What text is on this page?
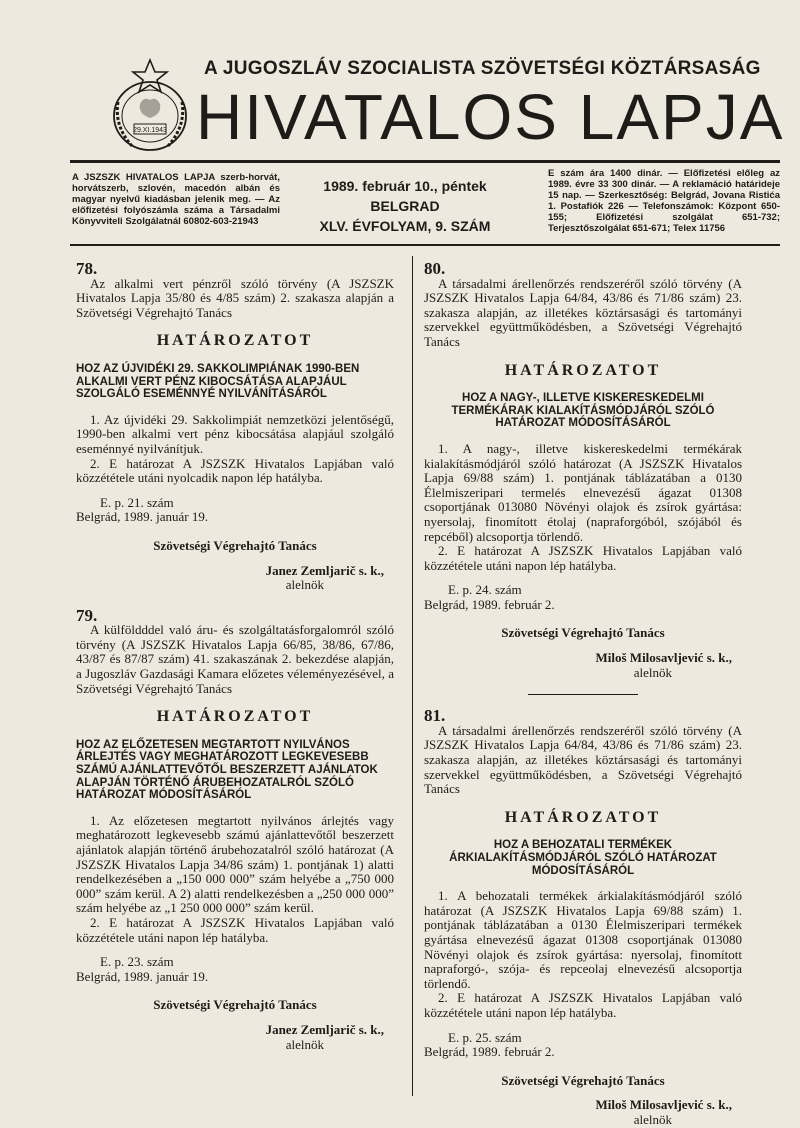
29.XI.1943
A JUGOSZLÁV SZOCIALISTA SZÖVETSÉGI KÖZTÁRSASÁG
HIVATALOS LAPJA
A JSZSZK HIVATALOS LAPJA szerb-horvát, horvátszerb, szlovén, macedón albán és magyar nyelvű kiadásban jelenik meg. — Az előfizetési folyószámla száma a Társadalmi Könyvviteli Szolgálatnál 60802-603-21943
1989. február 10., péntek
BELGRAD
XLV. ÉVFOLYAM, 9. SZÁM
E szám ára 1400 dinár. — Előfizetési előleg az 1989. évre 33 300 dinár. — A reklamáció határideje 15 nap. — Szerkesztőség: Belgrád, Jovana Ristića 1. Postafiók 226 — Telefonszámok: Központ 650-155; Előfizetési szolgálat 651-732; Terjesztőszolgálat 651-671; Telex 11756

78.

Az alkalmi vert pénzről szóló törvény (A JSZSZK Hivatalos Lapja 35/80 és 4/85 szám) 2. szakasza alapján a Szövetségi Végrehajtó Tanács

HATÁROZATOT

HOZ AZ ÚJVIDÉKI 29. SAKKOLIMPIÁNAK 1990-BEN ALKALMI VERT PÉNZ KIBOCSÁTÁSA ALAPJÁUL SZOLGÁLÓ ESEMÉNNYÉ NYILVÁNÍTÁSÁRÓL

1. Az újvidéki 29. Sakkolimpiát nemzetközi jelentőségű, 1990-ben alkalmi vert pénz kibocsátása alapjául szolgáló eseménnyé nyilvánítjuk.

2. E határozat A JSZSZK Hivatalos Lapjában való közzététele utáni nyolcadik napon lép hatályba.

E. p. 21. szám

Belgrád, 1989. január 19.

Szövetségi Végrehajtó Tanács

Janez Zemljarič s. k.,

alelnök

79.

A külföldddel való áru- és szolgáltatásforgalomról szóló törvény (A JSZSZK Hivatalos Lapja 66/85, 38/86, 67/86, 43/87 és 87/87 szám) 41. szakaszának 2. bekezdése alapján, a Jugoszláv Gazdasági Kamara előzetes véleményezésével, a Szövetségi Végrehajtó Tanács

HATÁROZATOT

HOZ AZ ELŐZETESEN MEGTARTOTT NYILVÁNOS ÁRLEJTÉS VAGY MEGHATÁROZOTT LEGKEVESEBB SZÁMÚ AJÁNLATTEVŐTŐL BESZERZETT AJÁNLATOK ALAPJÁN TÖRTÉNŐ ÁRUBEHOZATALRÓL SZÓLÓ HATÁROZAT MÓDOSÍTÁSÁRÓL

1. Az előzetesen megtartott nyilvános árlejtés vagy meghatározott legkevesebb számú ajánlattevőtől beszerzett ajánlatok alapján történő árubehozatalról szóló határozat (A JSZSZK Hivatalos Lapja 34/86 szám) 1. pontjának 1) alatti rendelkezésében a „150 000 000” szám helyébe a „750 000 000” szám kerül. A 2) alatti rendelkezésben a „250 000 000” szám helyébe az „1 250 000 000” szám kerül.

2. E határozat A JSZSZK Hivatalos Lapjában való közzététele utáni napon lép hatályba.

E. p. 23. szám

Belgrád, 1989. január 19.

Szövetségi Végrehajtó Tanács

Janez Zemljarič s. k.,

alelnök

80.

A társadalmi árellenőrzés rendszeréről szóló törvény (A JSZSZK Hivatalos Lapja 64/84, 43/86 és 71/86 szám) 23. szakasza alapján, az illetékes köztársasági és tartományi szervekkel együttműködésben, a Szövetségi Végrehajtó Tanács

HATÁROZATOT

HOZ A NAGY-, ILLETVE KISKERESKEDELMI TERMÉKÁRAK KIALAKÍTÁSMÓDJÁRÓL SZÓLÓ HATÁROZAT MÓDOSÍTÁSÁRÓL

1. A nagy-, illetve kiskereskedelmi termékárak kialakításmódjáról szóló határozat (A JSZSZK Hivatalos Lapja 69/88 szám) 1. pontjának táblázatában a 0130 Élelmiszeripari termelés elnevezésű ágazat 01308 csoportjának 013080 Növényi olajok és zsírok gyártása: nyersolaj, finomított étolaj (napraforgóból, szójából és repcéből) alcsoportja törlendő.

2. E határozat A JSZSZK Hivatalos Lapjában való közzététele utáni napon lép hatályba.

E. p. 24. szám

Belgrád, 1989. február 2.

Szövetségi Végrehajtó Tanács

Miloš Milosavljević s. k.,

alelnök

81.

A társadalmi árellenőrzés rendszeréről szóló törvény (A JSZSZK Hivatalos Lapja 64/84, 43/86 és 71/86 szám) 23. szakasza alapján, az illetékes köztársasági és tartományi szervekkel együttműködésben, a Szövetségi Végrehajtó Tanács

HATÁROZATOT

HOZ A BEHOZATALI TERMÉKEK ÁRKIALAKÍTÁSMÓDJÁRÓL SZÓLÓ HATÁROZAT MÓDOSÍTÁSÁRÓL

1. A behozatali termékek árkialakításmódjáról szóló határozat (A JSZSZK Hivatalos Lapja 69/88 szám) 1. pontjának táblázatában a 0130 Élelmiszeripari termékek gyártása elnevezésű ágazat 01308 csoportjának 013080 Növényi olajok és zsírok gyártása: nyersolaj, finomított napraforgó-, szója- és repceolaj elnevezésű alcsoportja törlendő.

2. E határozat A JSZSZK Hivatalos Lapjában való közzététele utáni napon lép hatályba.

E. p. 25. szám

Belgrád, 1989. február 2.

Szövetségi Végrehajtó Tanács

Miloš Milosavljević s. k.,

alelnök
